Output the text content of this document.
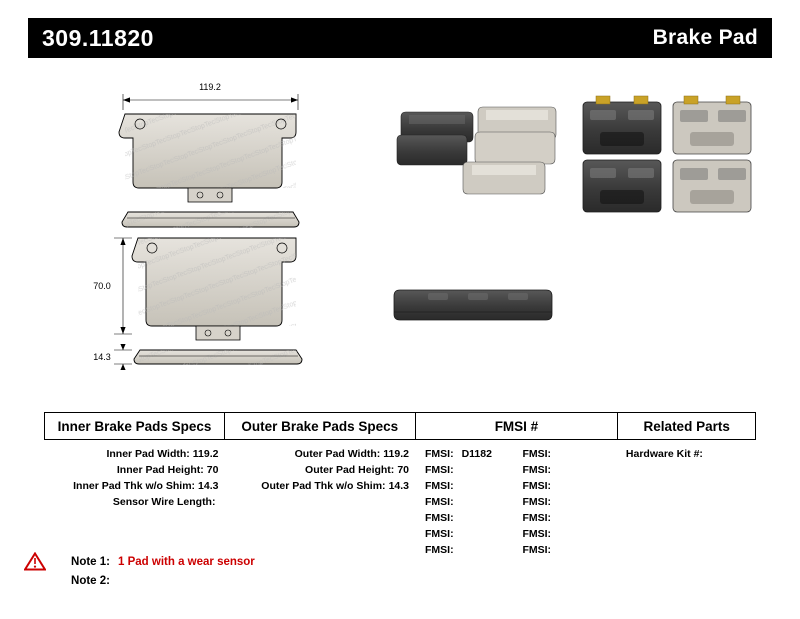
309.11820	Brake Pad
119.2
70.0
14.3
Inner Brake Pads Specs	Outer Brake Pads Specs	FMSI #	Related Parts

Inner Pad Width: 119.2
Inner Pad Height: 70
Inner Pad Thk w/o Shim: 14.3
Sensor Wire Length:

Outer Pad Width: 119.2
Outer Pad Height: 70
Outer Pad Thk w/o Shim: 14.3

FMSI: D1182	FMSI:
FMSI:	FMSI:
FMSI:	FMSI:
FMSI:	FMSI:
FMSI:	FMSI:
FMSI:	FMSI:
FMSI:	FMSI:

Hardware Kit #:
Note 1: 1 Pad with a wear sensor
Note 2:
